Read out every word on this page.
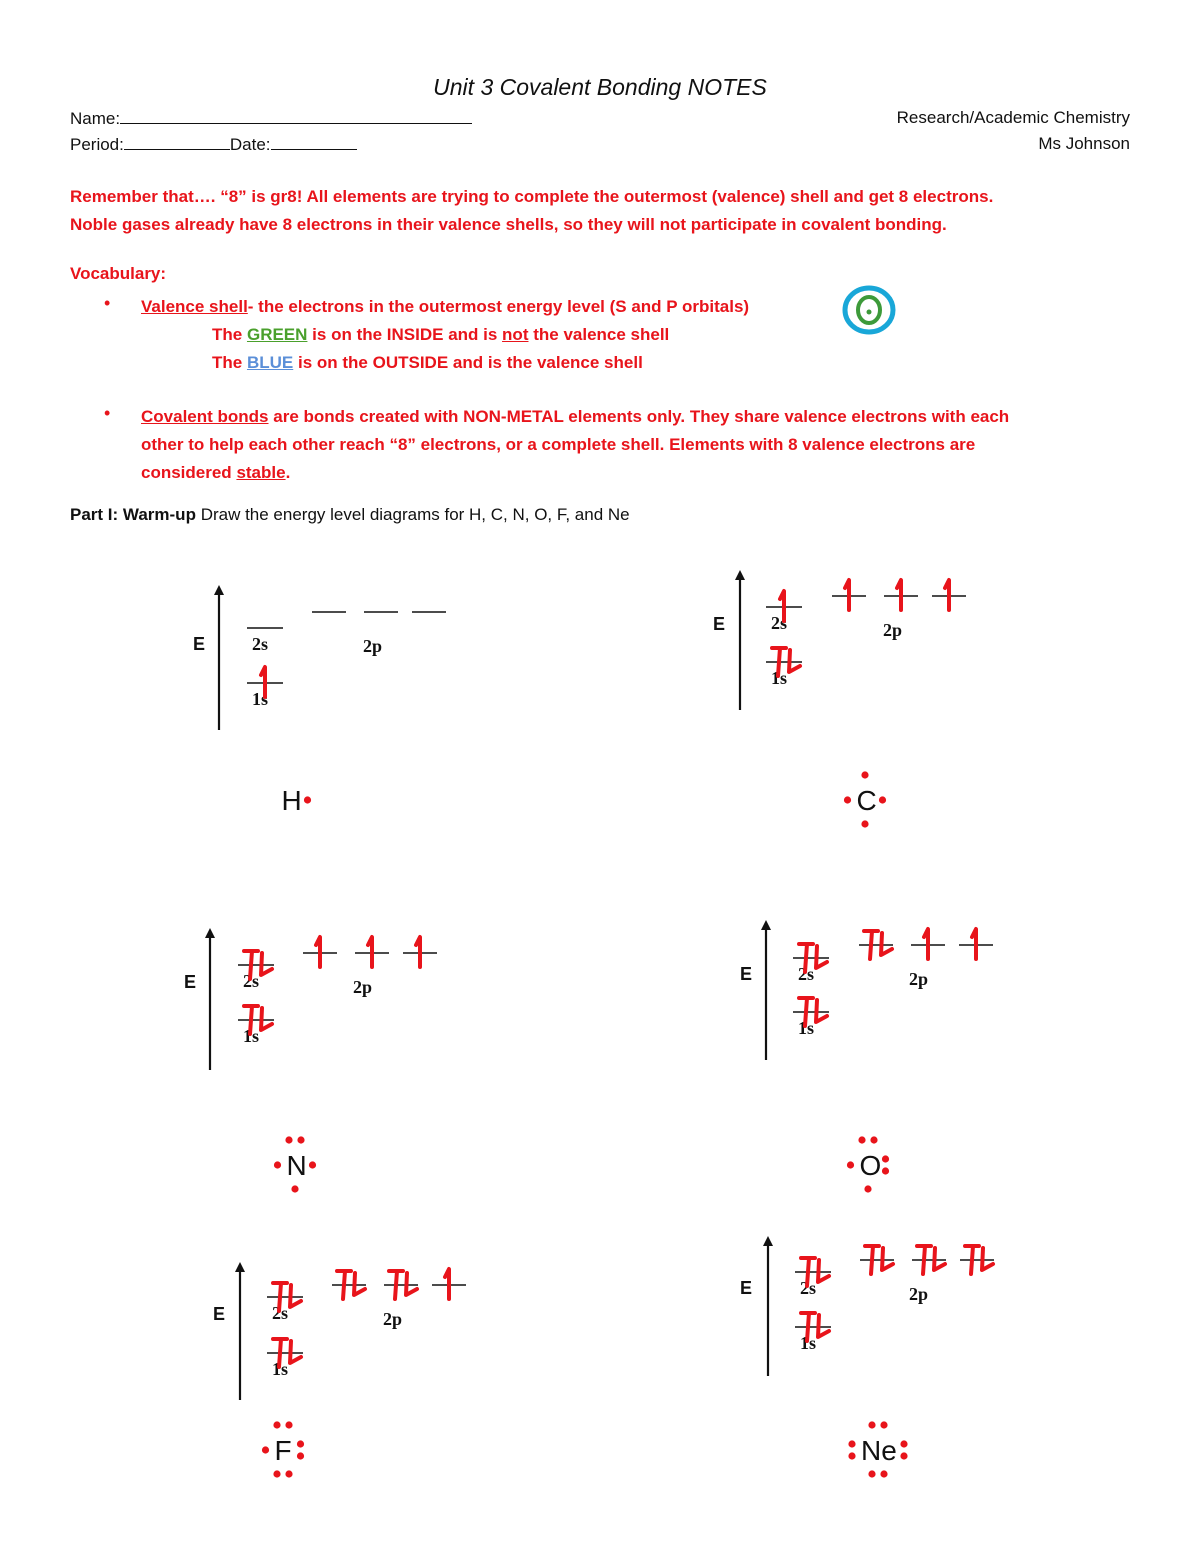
Unit 3 Covalent Bonding NOTES
Name:
Period:	Date:
Research/Academic Chemistry
Ms Johnson
Remember that…. “8” is gr8! All elements are trying to complete the outermost (valence) shell and get 8 electrons.
Noble gases already have 8 electrons in their valence shells, so they will not participate in covalent bonding.
Vocabulary:
• Valence shell- the electrons in the outermost energy level (S and P orbitals)
The GREEN is on the INSIDE and is not the valence shell
The BLUE is on the OUTSIDE and is the valence shell
• Covalent bonds are bonds created with NON-METAL elements only. They share valence electrons with each
other to help each other reach “8” electrons, or a complete shell. Elements with 8 valence electrons are
considered stable.
Part I: Warm-up Draw the energy level diagrams for H, C, N, O, F, and Ne
E	2s
1s
2p
H
E	2s
1s
2p
C
E	2s
1s
2p
N
E	2s
1s
2p
O
E	2s
1s
2p
F
E	2s
1s
2p
Ne
